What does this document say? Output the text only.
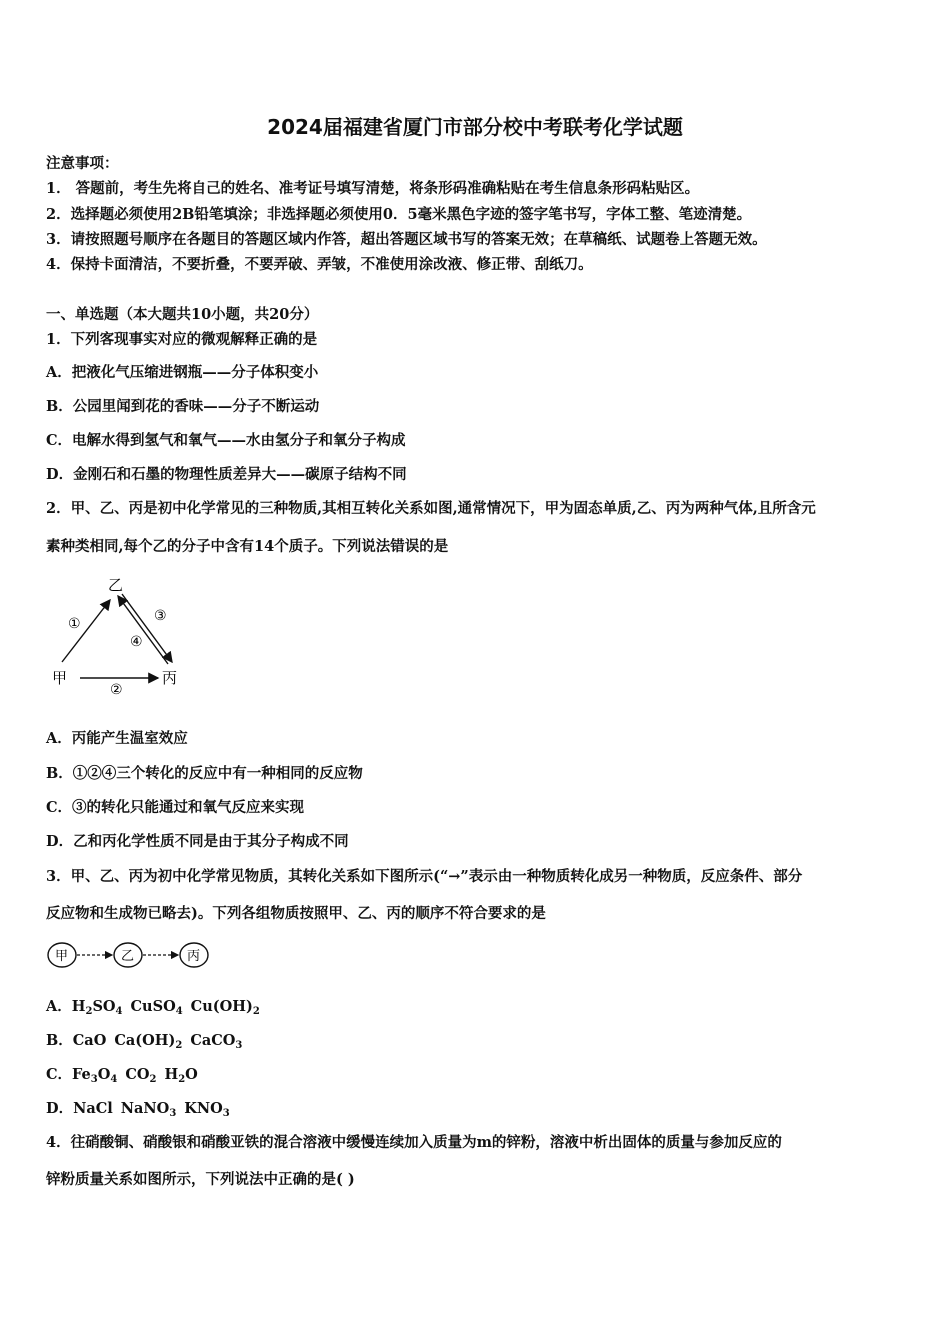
2024届福建省厦门市部分校中考联考化学试题
注意事项：
1． 答题前，考生先将自己的姓名、准考证号填写清楚，将条形码准确粘贴在考生信息条形码粘贴区。
2．选择题必须使用2B铅笔填涂；非选择题必须使用0．5毫米黑色字迹的签字笔书写，字体工整、笔迹清楚。
3．请按照题号顺序在各题目的答题区域内作答，超出答题区域书写的答案无效；在草稿纸、试题卷上答题无效。
4．保持卡面清洁，不要折叠，不要弄破、弄皱，不准使用涂改液、修正带、刮纸刀。
一、单选题（本大题共10小题，共20分）
1．下列客现事实对应的微观解释正确的是
A．把液化气压缩进钢瓶——分子体积变小
B．公园里闻到花的香味——分子不断运动
C．电解水得到氢气和氧气——水由氢分子和氧分子构成
D．金刚石和石墨的物理性质差异大——碳原子结构不同
2．甲、乙、丙是初中化学常见的三种物质,其相互转化关系如图,通常情况下，甲为固态单质,乙、丙为两种气体,且所含元
素种类相同,每个乙的分子中含有14个质子。下列说法错误的是
乙
甲	丙
①
②
③
④
A．丙能产生温室效应
B．①②④三个转化的反应中有一种相同的反应物
C．③的转化只能通过和氧气反应来实现
D．乙和丙化学性质不同是由于其分子构成不同
3．甲、乙、丙为初中化学常见物质，其转化关系如下图所示(“→”表示由一种物质转化成另一种物质，反应条件、部分
反应物和生成物已略去)。下列各组物质按照甲、乙、丙的顺序不符合要求的是
甲	乙	丙
A．$H_2SO_4$ CuSO$_4$ $Cu(OH)_2$
B．CaO $Ca(OH)_2$ CaCO$_3$
C．$Fe_3O_4$ $CO_2$ $H_2O$
D．NaCl NaNO$_3$ $KNO_3$
4．往硝酸铜、硝酸银和硝酸亚铁的混合溶液中缓慢连续加入质量为m的锌粉，溶液中析出固体的质量与参加反应的
锌粉质量关系如图所示，下列说法中正确的是( )
